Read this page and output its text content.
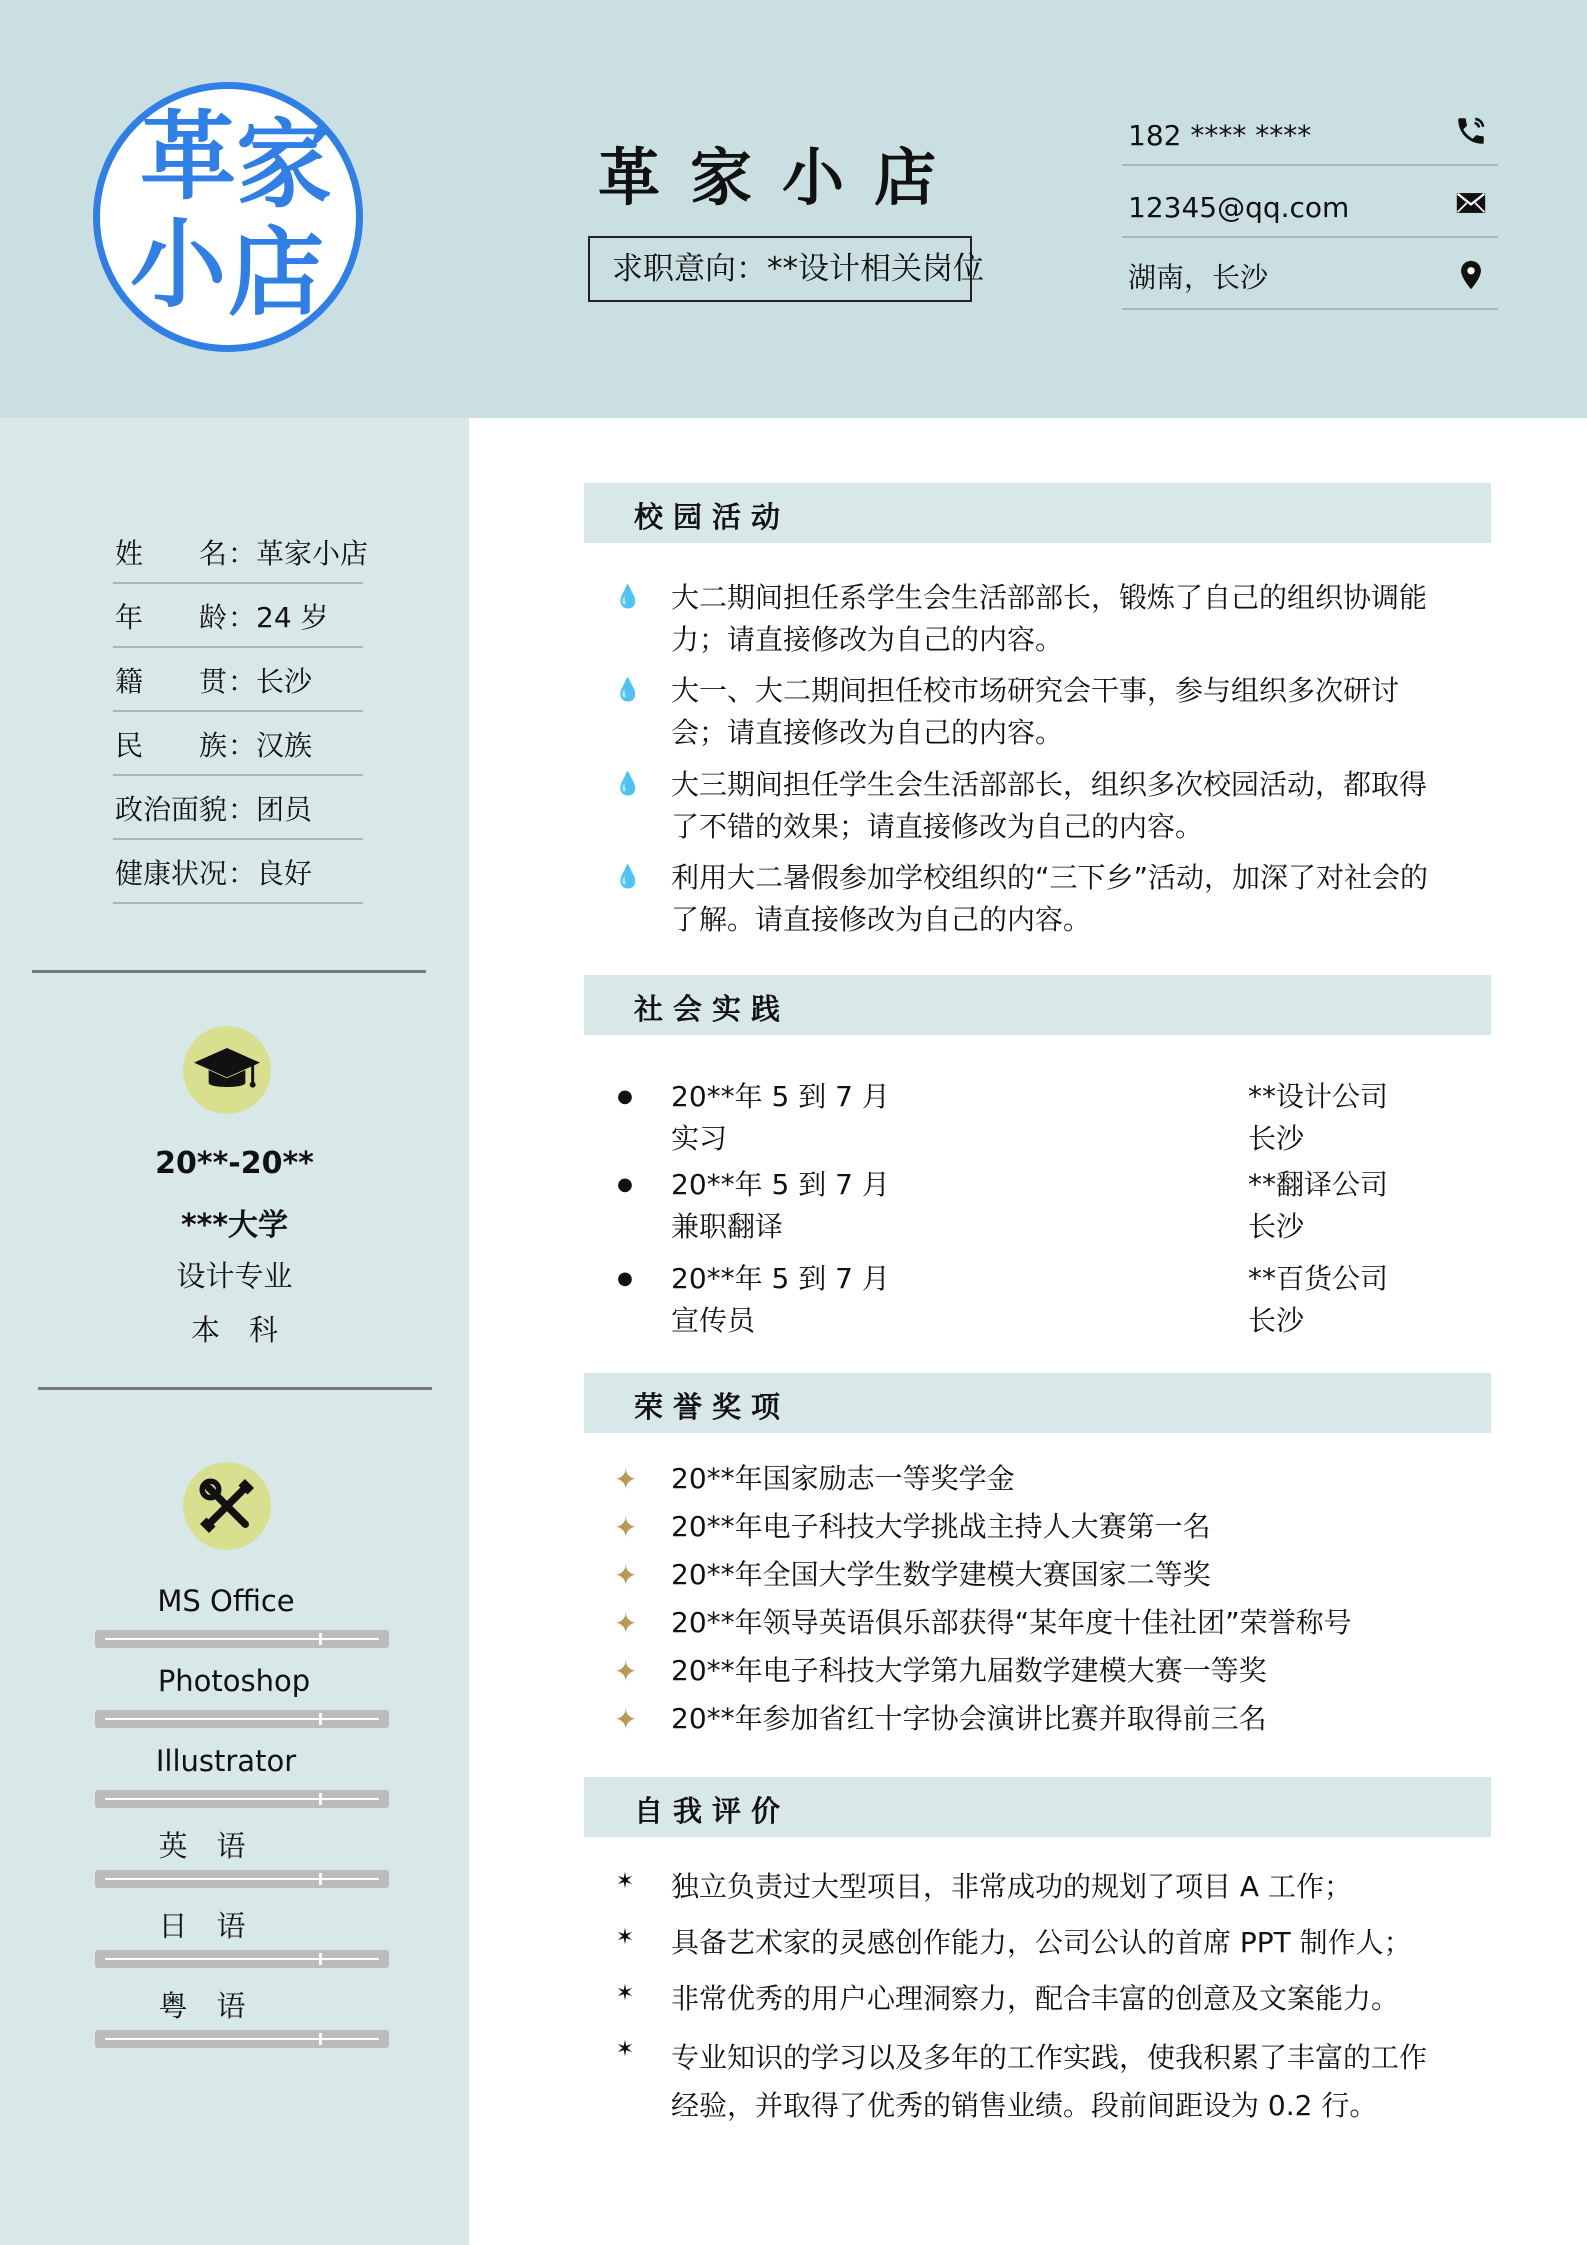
革 家
小 店
革家小店
求职意向：**设计相关岗位
182 **** ****
12345@qq.com
湖南，长沙
姓　　名 ：革家小店
年　　龄 ：24 岁
籍　　贯 ：长沙
民　　族 ：汉族
政治面貌 ：团员
健康状况 ：良好
20**-20**
***大学
设计专业
本　科
MS Office
Photoshop
Illustrator
英　语
日　语
粤　语
校园活动
💧 大二期间担任系学生会生活部部长，锻炼了自己的组织协调能力；请直接修改为自己的内容。
💧 大一、大二期间担任校市场研究会干事，参与组织多次研讨会；请直接修改为自己的内容。
💧 大三期间担任学生会生活部部长，组织多次校园活动，都取得了不错的效果；请直接修改为自己的内容。
💧 利用大二暑假参加学校组织的“三下乡”活动，加深了对社会的了解。请直接修改为自己的内容。
社会实践
● 20**年 5 到 7 月
实习
**设计公司
长沙
● 20**年 5 到 7 月
兼职翻译
**翻译公司
长沙
● 20**年 5 到 7 月
宣传员
**百货公司
长沙
荣誉奖项
✦ 20**年国家励志一等奖学金
✦ 20**年电子科技大学挑战主持人大赛第一名
✦ 20**年全国大学生数学建模大赛国家二等奖
✦ 20**年领导英语俱乐部获得“某年度十佳社团”荣誉称号
✦ 20**年电子科技大学第九届数学建模大赛一等奖
✦ 20**年参加省红十字协会演讲比赛并取得前三名
自我评价
✶ 独立负责过大型项目，非常成功的规划了项目 A 工作；
✶ 具备艺术家的灵感创作能力，公司公认的首席 PPT 制作人；
✶ 非常优秀的用户心理洞察力，配合丰富的创意及文案能力。
✶ 专业知识的学习以及多年的工作实践，使我积累了丰富的工作经验，并取得了优秀的销售业绩。段前间距设为 0.2 行。
